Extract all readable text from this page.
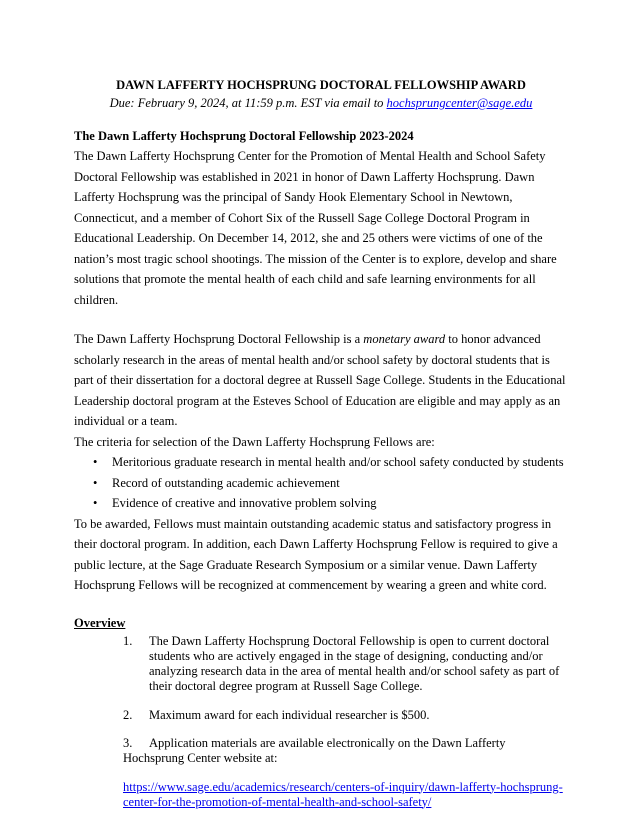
DAWN LAFFERTY HOCHSPRUNG DOCTORAL FELLOWSHIP AWARD
Due: February 9, 2024, at 11:59 p.m. EST via email to hochsprungcenter@sage.edu
The Dawn Lafferty Hochsprung Doctoral Fellowship 2023-2024

The Dawn Lafferty Hochsprung Center for the Promotion of Mental Health and School Safety Doctoral Fellowship was established in 2021 in honor of Dawn Lafferty Hochsprung. Dawn Lafferty Hochsprung was the principal of Sandy Hook Elementary School in Newtown, Connecticut, and a member of Cohort Six of the Russell Sage College Doctoral Program in Educational Leadership. On December 14, 2012, she and 25 others were victims of one of the nation’s most tragic school shootings. The mission of the Center is to explore, develop and share solutions that promote the mental health of each child and safe learning environments for all children.

The Dawn Lafferty Hochsprung Doctoral Fellowship is a monetary award to honor advanced scholarly research in the areas of mental health and/or school safety by doctoral students that is part of their dissertation for a doctoral degree at Russell Sage College. Students in the Educational Leadership doctoral program at the Esteves School of Education are eligible and may apply as an individual or a team.

The criteria for selection of the Dawn Lafferty Hochsprung Fellows are:

• Meritorious graduate research in mental health and/or school safety conducted by students
• Record of outstanding academic achievement
• Evidence of creative and innovative problem solving

To be awarded, Fellows must maintain outstanding academic status and satisfactory progress in their doctoral program. In addition, each Dawn Lafferty Hochsprung Fellow is required to give a public lecture, at the Sage Graduate Research Symposium or a similar venue. Dawn Lafferty Hochsprung Fellows will be recognized at commencement by wearing a green and white cord.

Overview
1. The Dawn Lafferty Hochsprung Doctoral Fellowship is open to current doctoral students who are actively engaged in the stage of designing, conducting and/or analyzing research data in the area of mental health and/or school safety as part of their doctoral degree program at Russell Sage College.
2. Maximum award for each individual researcher is $500.
3. Application materials are available electronically on the Dawn Lafferty Hochsprung Center website at:
https://www.sage.edu/academics/research/centers-of-inquiry/dawn-lafferty-hochsprung-center-for-the-promotion-of-mental-health-and-school-safety/
